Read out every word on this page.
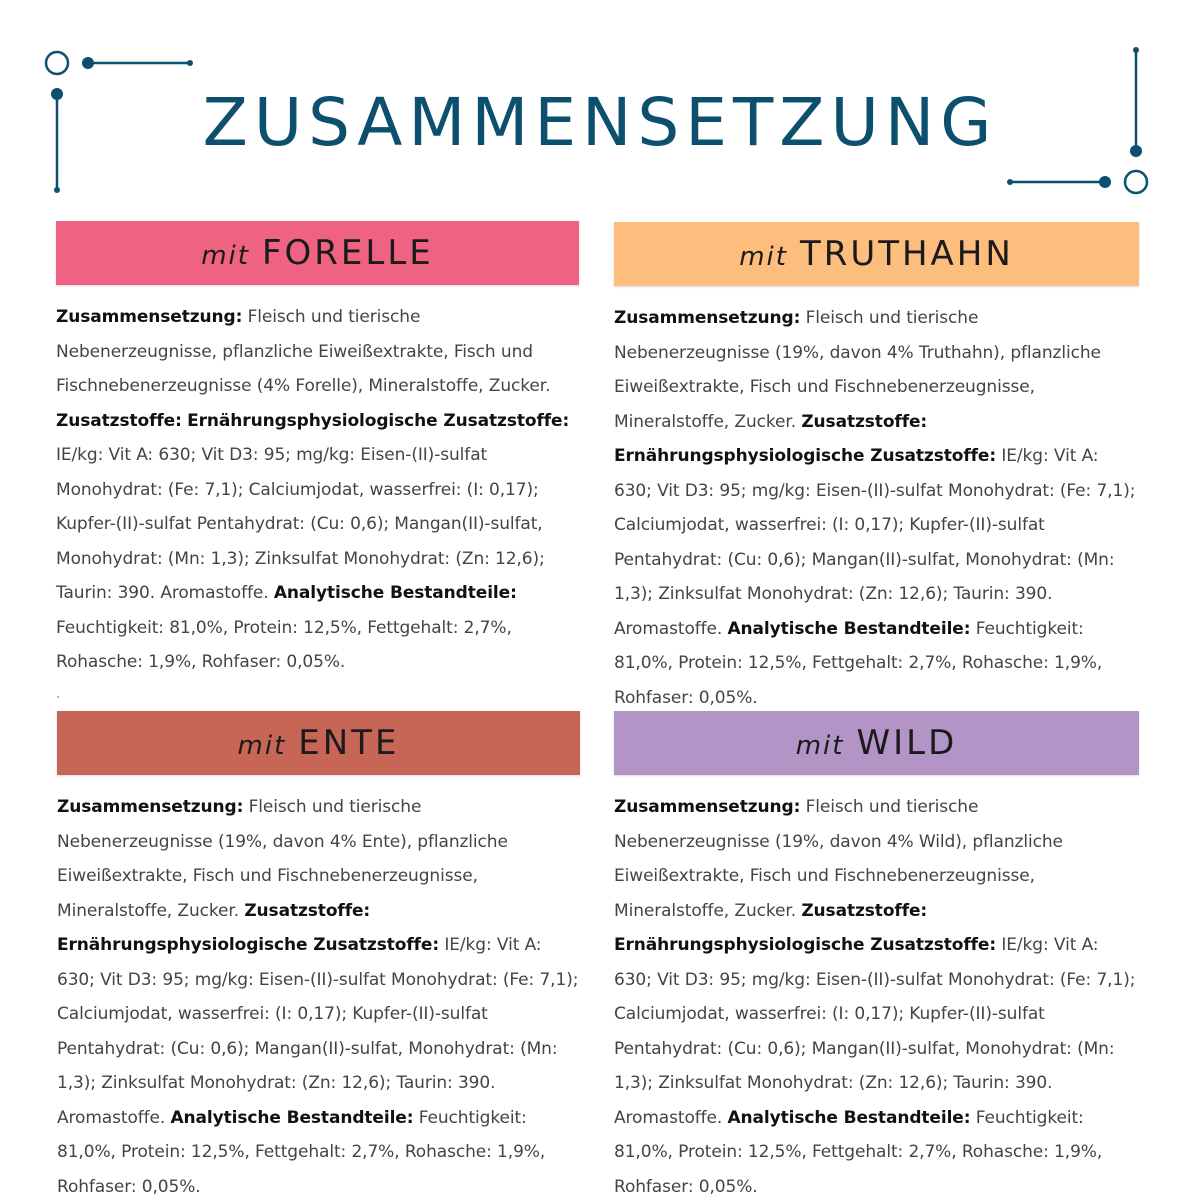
ZUSAMMENSETZUNG
mit FORELLE

Zusammensetzung: Fleisch und tierische Nebenerzeugnisse, pflanzliche Eiweißextrakte, Fisch und Fischnebenerzeugnisse (4% Forelle), Mineralstoffe, Zucker. Zusatzstoffe: Ernährungsphysiologische Zusatzstoffe: IE/kg: Vit A: 630; Vit D3: 95; mg/kg: Eisen-(II)-sulfat Monohydrat: (Fe: 7,1); Calciumjodat, wasserfrei: (I: 0,17); Kupfer-(II)-sulfat Pentahydrat: (Cu: 0,6); Mangan(II)-sulfat, Monohydrat: (Mn: 1,3); Zinksulfat Monohydrat: (Zn: 12,6); Taurin: 390. Aromastoffe. Analytische Bestandteile: Feuchtigkeit: 81,0%, Protein: 12,5%, Fettgehalt: 2,7%, Rohasche: 1,9%, Rohfaser: 0,05%.

mit TRUTHAHN

Zusammensetzung: Fleisch und tierische Nebenerzeugnisse (19%, davon 4% Truthahn), pflanzliche Eiweißextrakte, Fisch und Fischnebenerzeugnisse, Mineralstoffe, Zucker. Zusatzstoffe: Ernährungsphysiologische Zusatzstoffe: IE/kg: Vit A: 630; Vit D3: 95; mg/kg: Eisen-(II)-sulfat Monohydrat: (Fe: 7,1); Calciumjodat, wasserfrei: (I: 0,17); Kupfer-(II)-sulfat Pentahydrat: (Cu: 0,6); Mangan(II)-sulfat, Monohydrat: (Mn: 1,3); Zinksulfat Monohydrat: (Zn: 12,6); Taurin: 390. Aromastoffe. Analytische Bestandteile: Feuchtigkeit: 81,0%, Protein: 12,5%, Fettgehalt: 2,7%, Rohasche: 1,9%, Rohfaser: 0,05%.

mit ENTE

Zusammensetzung: Fleisch und tierische Nebenerzeugnisse (19%, davon 4% Ente), pflanzliche Eiweißextrakte, Fisch und Fischnebenerzeugnisse, Mineralstoffe, Zucker. Zusatzstoffe: Ernährungsphysiologische Zusatzstoffe: IE/kg: Vit A: 630; Vit D3: 95; mg/kg: Eisen-(II)-sulfat Monohydrat: (Fe: 7,1); Calciumjodat, wasserfrei: (I: 0,17); Kupfer-(II)-sulfat Pentahydrat: (Cu: 0,6); Mangan(II)-sulfat, Monohydrat: (Mn: 1,3); Zinksulfat Monohydrat: (Zn: 12,6); Taurin: 390. Aromastoffe. Analytische Bestandteile: Feuchtigkeit: 81,0%, Protein: 12,5%, Fettgehalt: 2,7%, Rohasche: 1,9%, Rohfaser: 0,05%.

mit WILD

Zusammensetzung: Fleisch und tierische Nebenerzeugnisse (19%, davon 4% Wild), pflanzliche Eiweißextrakte, Fisch und Fischnebenerzeugnisse, Mineralstoffe, Zucker. Zusatzstoffe: Ernährungsphysiologische Zusatzstoffe: IE/kg: Vit A: 630; Vit D3: 95; mg/kg: Eisen-(II)-sulfat Monohydrat: (Fe: 7,1); Calciumjodat, wasserfrei: (I: 0,17); Kupfer-(II)-sulfat Pentahydrat: (Cu: 0,6); Mangan(II)-sulfat, Monohydrat: (Mn: 1,3); Zinksulfat Monohydrat: (Zn: 12,6); Taurin: 390. Aromastoffe. Analytische Bestandteile: Feuchtigkeit: 81,0%, Protein: 12,5%, Fettgehalt: 2,7%, Rohasche: 1,9%, Rohfaser: 0,05%.
